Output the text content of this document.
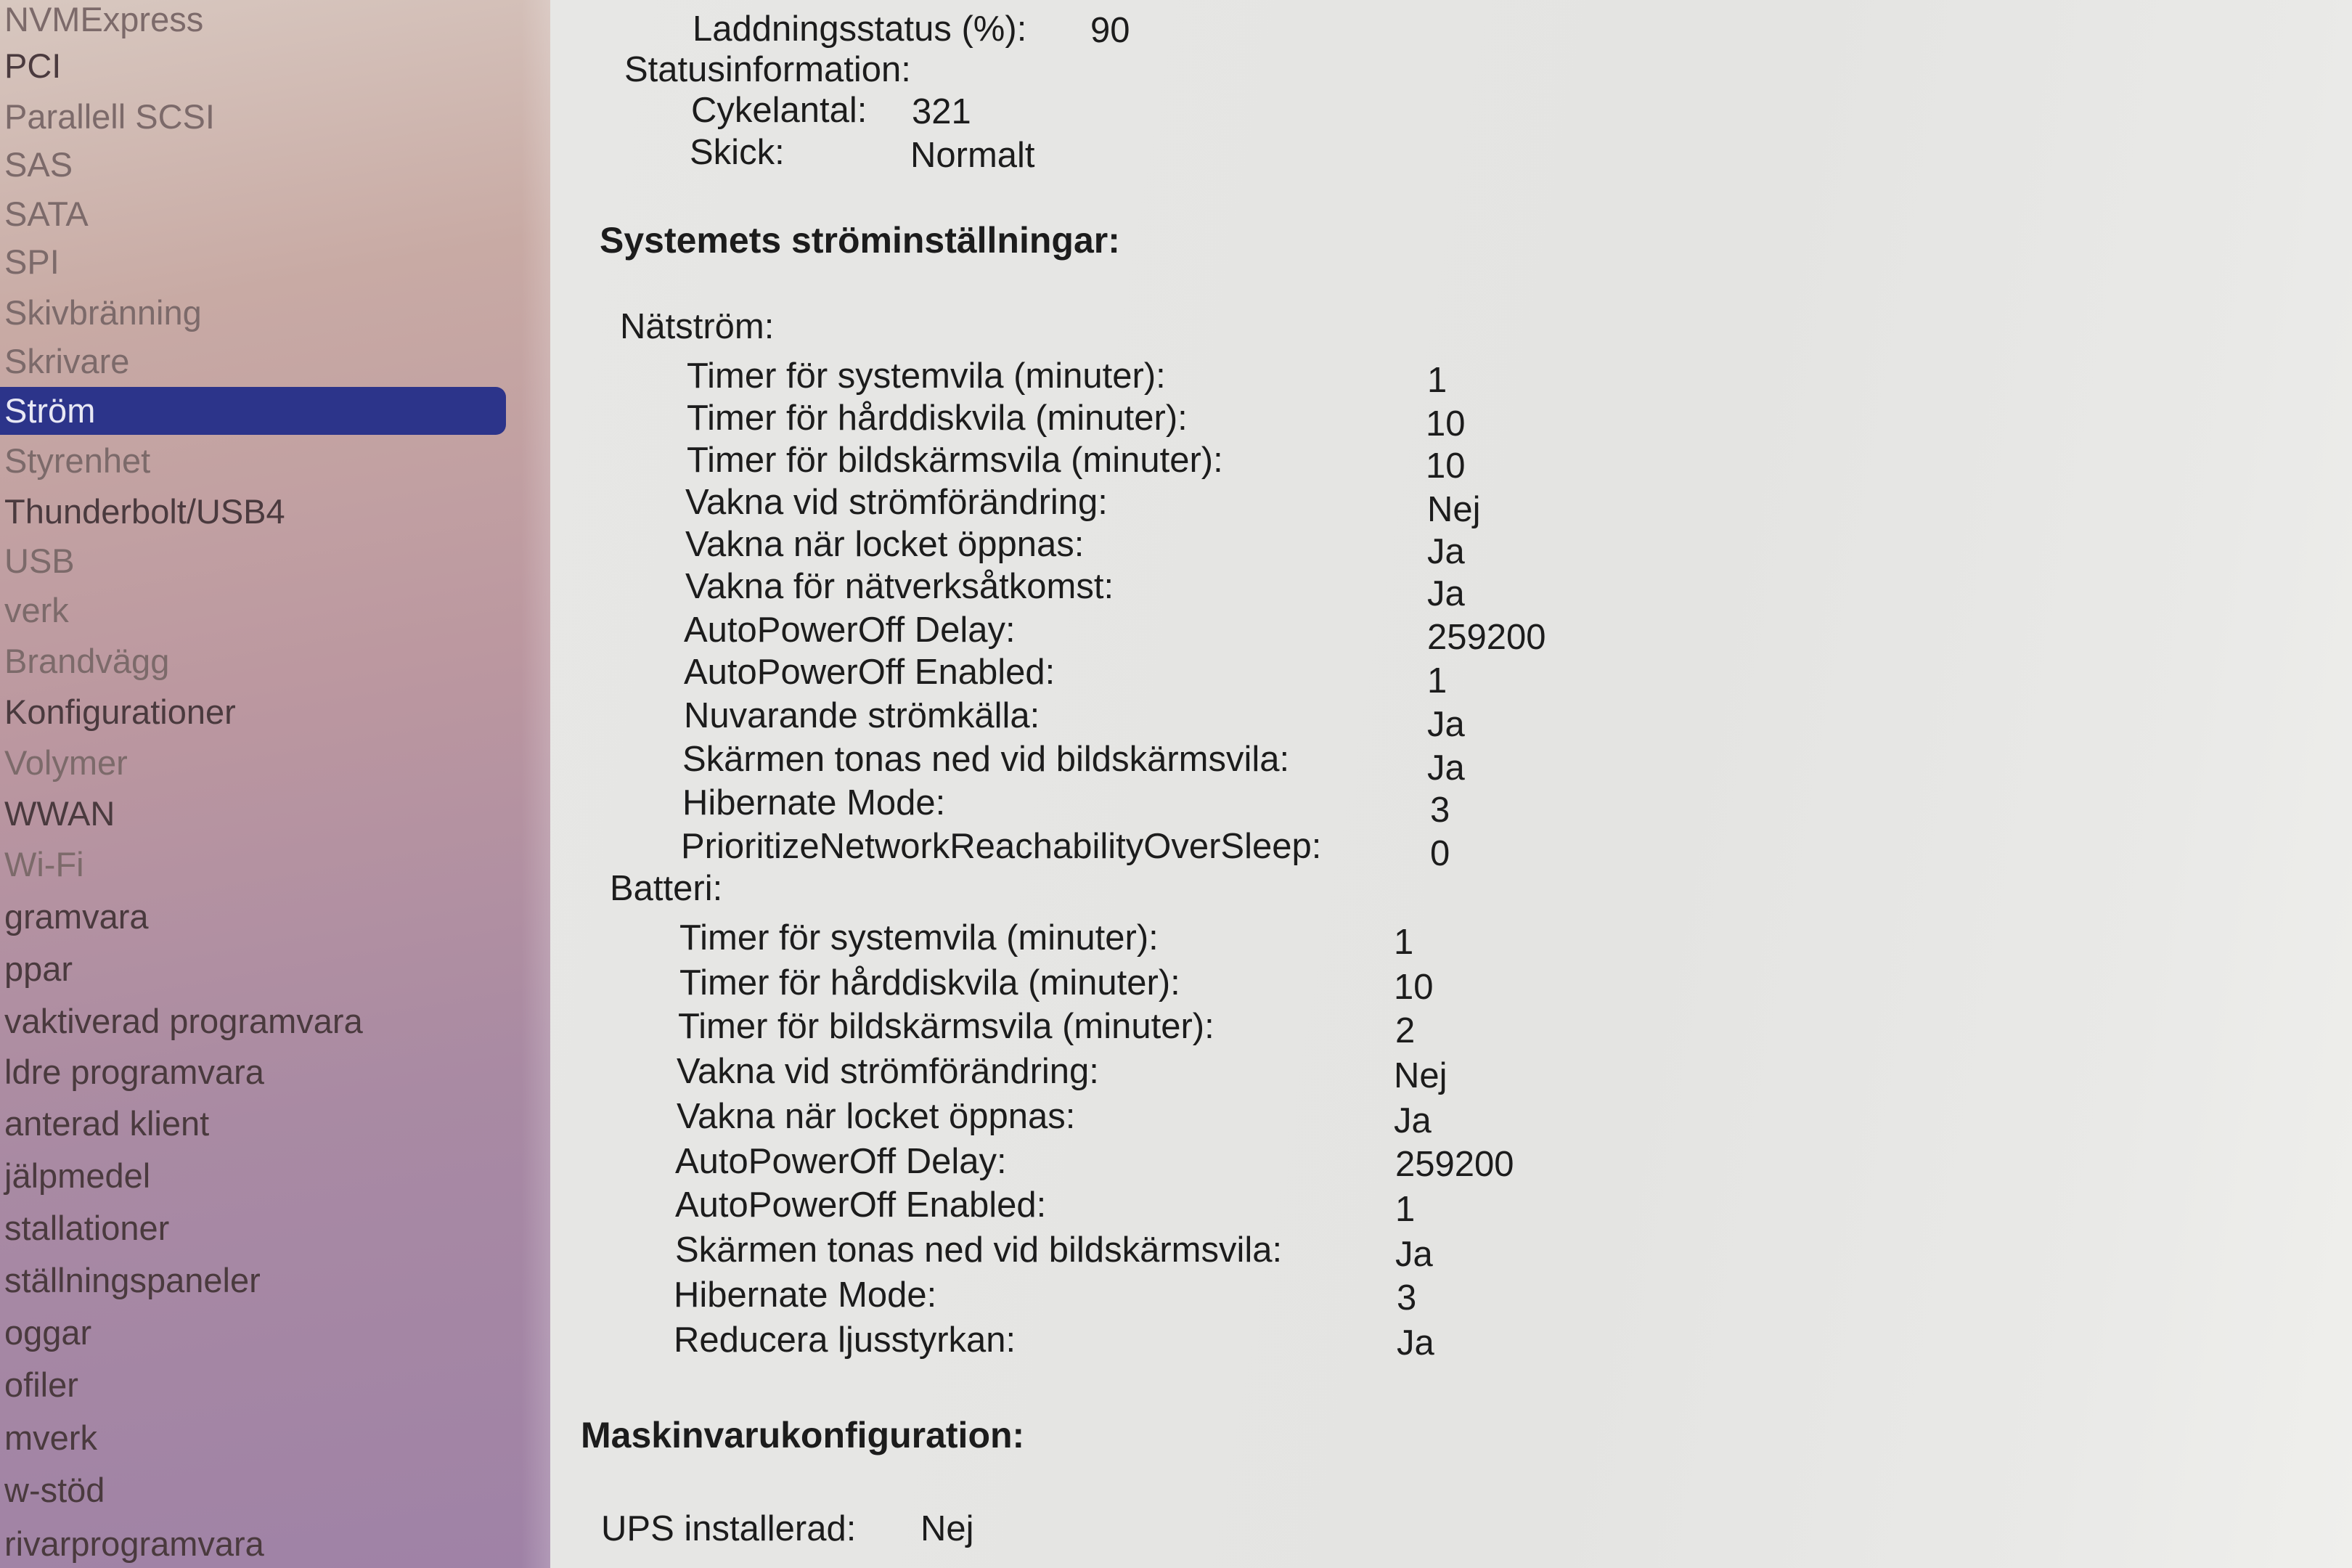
NVMExpress
PCI
Parallell SCSI
SAS
SATA
SPI
Skivbränning
Skrivare
Ström
Styrenhet
Thunderbolt/USB4
USB
verk
Brandvägg
Konfigurationer
Volymer
WWAN
Wi-Fi
gramvara
ppar
vaktiverad programvara
ldre programvara
anterad klient
jälpmedel
stallationer
ställningspaneler
oggar
ofiler
mverk
w-stöd
rivarprogramvara
Laddningsstatus (%): 90
Statusinformation:
Cykelantal: 321
Skick:	Normalt
Systemets ströminställningar:
Nätström:
Timer för systemvila (minuter):	1
Timer för hårddiskvila (minuter):	10
Timer för bildskärmsvila (minuter):	10
Vakna vid strömförändring:	Nej
Vakna när locket öppnas:	Ja
Vakna för nätverksåtkomst:	Ja
AutoPowerOff Delay:	259200
AutoPowerOff Enabled:	1
Nuvarande strömkälla:	Ja
Skärmen tonas ned vid bildskärmsvila:	Ja
Hibernate Mode:	3
PrioritizeNetworkReachabilityOverSleep:	0
Batteri:
Timer för systemvila (minuter):	1
Timer för hårddiskvila (minuter):	10
Timer för bildskärmsvila (minuter):	2
Vakna vid strömförändring:	Nej
Vakna när locket öppnas:	Ja
AutoPowerOff Delay:	259200
AutoPowerOff Enabled:	1
Skärmen tonas ned vid bildskärmsvila:	Ja
Hibernate Mode:	3
Reducera ljusstyrkan:	Ja
Maskinvarukonfiguration:
UPS installerad: Nej
